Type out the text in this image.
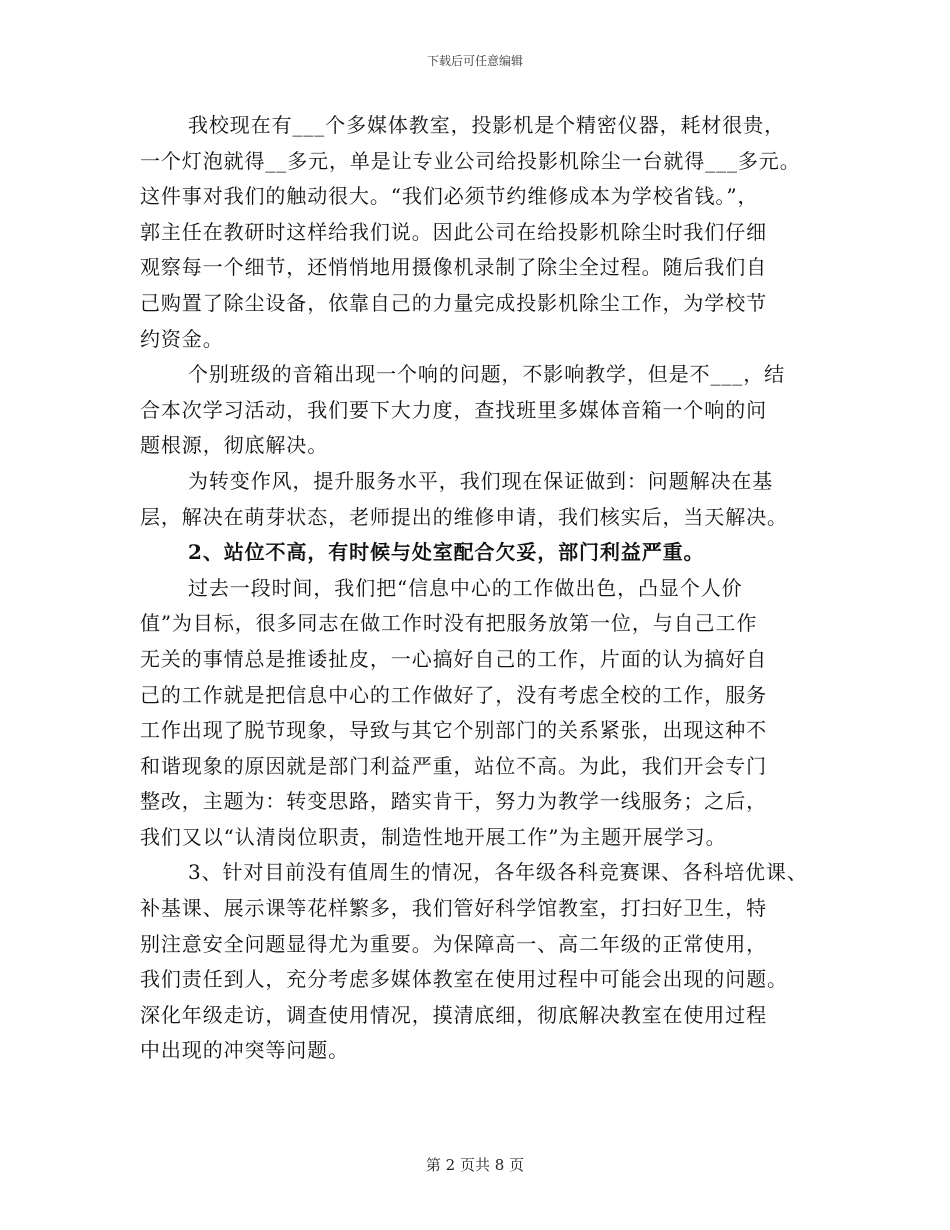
下载后可任意编辑
我校现在有___个多媒体教室，投影机是个精密仪器，耗材很贵，
一个灯泡就得__多元，单是让专业公司给投影机除尘一台就得___多元。
这件事对我们的触动很大。“我们必须节约维修成本为学校省钱。”，
郭主任在教研时这样给我们说。因此公司在给投影机除尘时我们仔细
观察每一个细节，还悄悄地用摄像机录制了除尘全过程。随后我们自
己购置了除尘设备，依靠自己的力量完成投影机除尘工作，为学校节
约资金。
个别班级的音箱出现一个响的问题，不影响教学，但是不___，结
合本次学习活动，我们要下大力度，查找班里多媒体音箱一个响的问
题根源，彻底解决。
为转变作风，提升服务水平，我们现在保证做到：问题解决在基
层，解决在萌芽状态，老师提出的维修申请，我们核实后，当天解决。
2、站位不高，有时候与处室配合欠妥，部门利益严重。
过去一段时间，我们把“信息中心的工作做出色，凸显个人价
值”为目标，很多同志在做工作时没有把服务放第一位，与自己工作
无关的事情总是推诿扯皮，一心搞好自己的工作，片面的认为搞好自
己的工作就是把信息中心的工作做好了，没有考虑全校的工作，服务
工作出现了脱节现象，导致与其它个别部门的关系紧张，出现这种不
和谐现象的原因就是部门利益严重，站位不高。为此，我们开会专门
整改，主题为：转变思路，踏实肯干，努力为教学一线服务；之后，
我们又以“认清岗位职责，制造性地开展工作”为主题开展学习。
3、针对目前没有值周生的情况，各年级各科竞赛课、各科培优课、
补基课、展示课等花样繁多，我们管好科学馆教室，打扫好卫生，特
别注意安全问题显得尤为重要。为保障高一、高二年级的正常使用，
我们责任到人，充分考虑多媒体教室在使用过程中可能会出现的问题。
深化年级走访，调查使用情况，摸清底细，彻底解决教室在使用过程
中出现的冲突等问题。
第 2 页共 8 页
